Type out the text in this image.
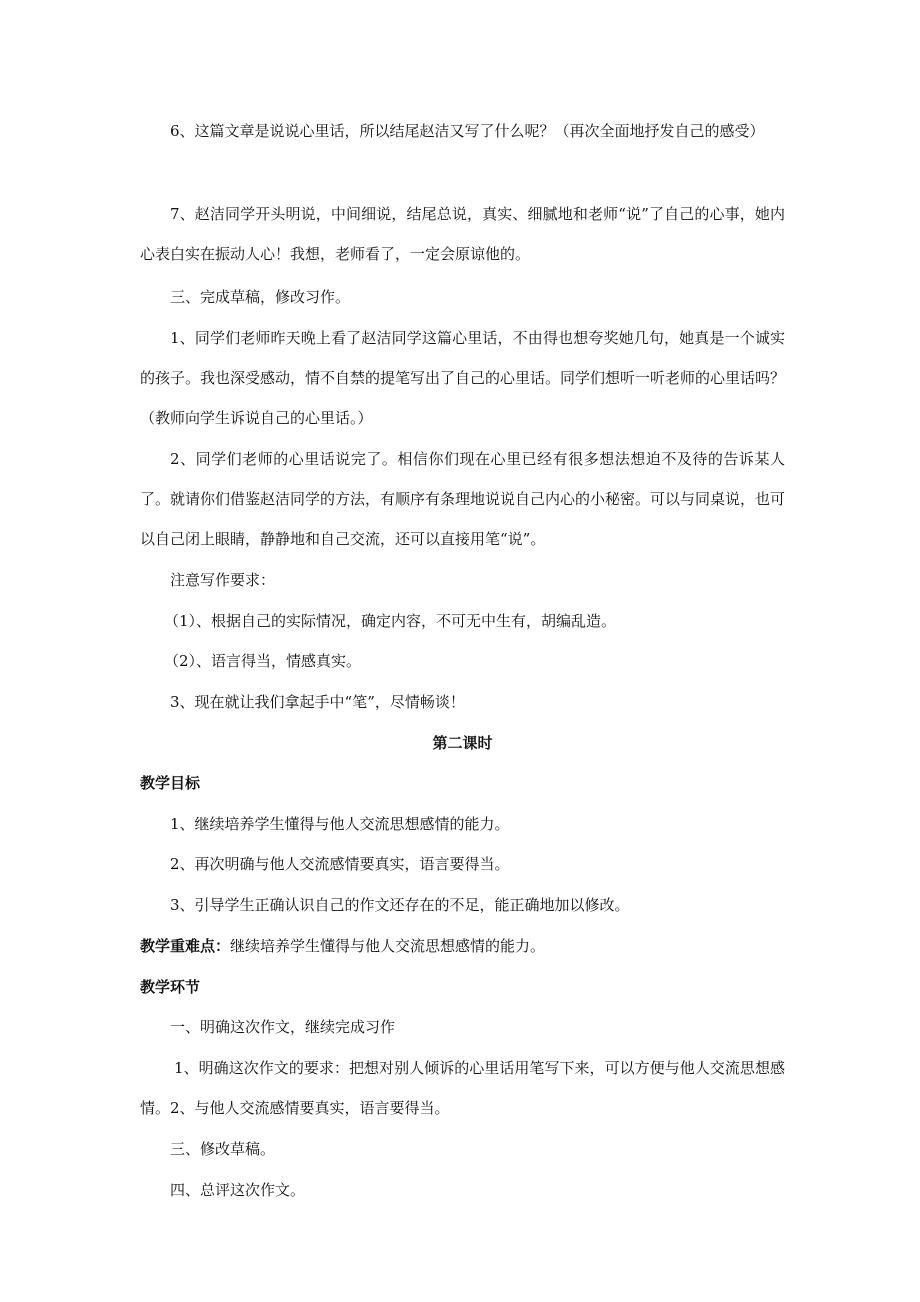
6、这篇文章是说说心里话，所以结尾赵洁又写了什么呢？（再次全面地抒发自己的感受）

7、赵洁同学开头明说，中间细说，结尾总说，真实、细腻地和老师“说”了自己的心事，她内心表白实在振动人心！我想，老师看了，一定会原谅他的。

三、完成草稿，修改习作。

1、同学们老师昨天晚上看了赵洁同学这篇心里话，不由得也想夸奖她几句，她真是一个诚实的孩子。我也深受感动，情不自禁的提笔写出了自己的心里话。同学们想听一听老师的心里话吗？（教师向学生诉说自己的心里话。）

2、同学们老师的心里话说完了。相信你们现在心里已经有很多想法想迫不及待的告诉某人了。就请你们借鉴赵洁同学的方法，有顺序有条理地说说自己内心的小秘密。可以与同桌说，也可以自己闭上眼睛，静静地和自己交流，还可以直接用笔“说”。

注意写作要求：

（1）、根据自己的实际情况，确定内容，不可无中生有，胡编乱造。

（2）、语言得当，情感真实。

3、现在就让我们拿起手中“笔”，尽情畅谈！

第二课时
教学目标

1、继续培养学生懂得与他人交流思想感情的能力。

2、再次明确与他人交流感情要真实，语言要得当。

3、引导学生正确认识自己的作文还存在的不足，能正确地加以修改。

教学重难点：继续培养学生懂得与他人交流思想感情的能力。

教学环节

一、明确这次作文，继续完成习作

1、明确这次作文的要求：把想对别人倾诉的心里话用笔写下来，可以方便与他人交流思想感情。2、与他人交流感情要真实，语言要得当。

三、修改草稿。

四、总评这次作文。
